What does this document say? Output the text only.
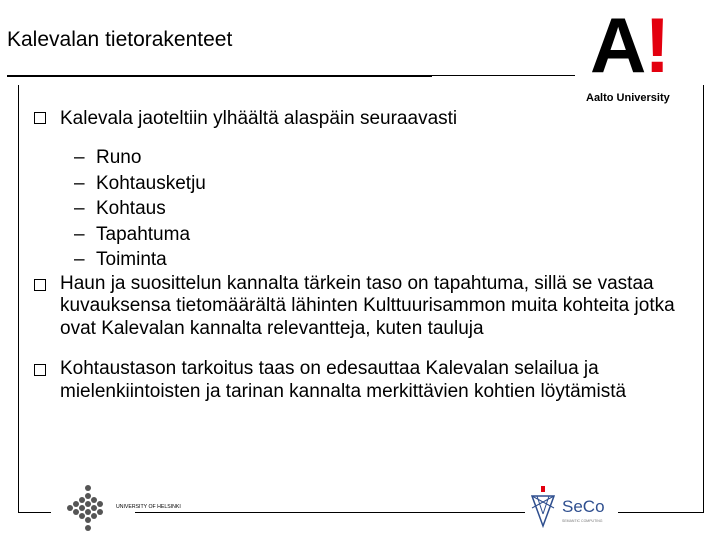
Kalevalan tietorakenteet	A!
Aalto University
Kalevala jaoteltiin ylhäältä alaspäin seuraavasti
– Runo
– Kohtausketju
– Kohtaus
– Tapahtuma
– Toiminta
Haun ja suosittelun kannalta tärkein taso on tapahtuma, sillä se vastaa kuvauksensa tietomäärältä lähinten Kulttuurisammon muita kohteita jotka ovat Kalevalan kannalta relevantteja, kuten tauluja
Kohtaustason tarkoitus taas on edesauttaa Kalevalan selailua ja mielenkiintoisten ja tarinan kannalta merkittävien kohtien löytämistä
UNIVERSITY OF HELSINKI	SeCo
SEMANTIC COMPUTING
